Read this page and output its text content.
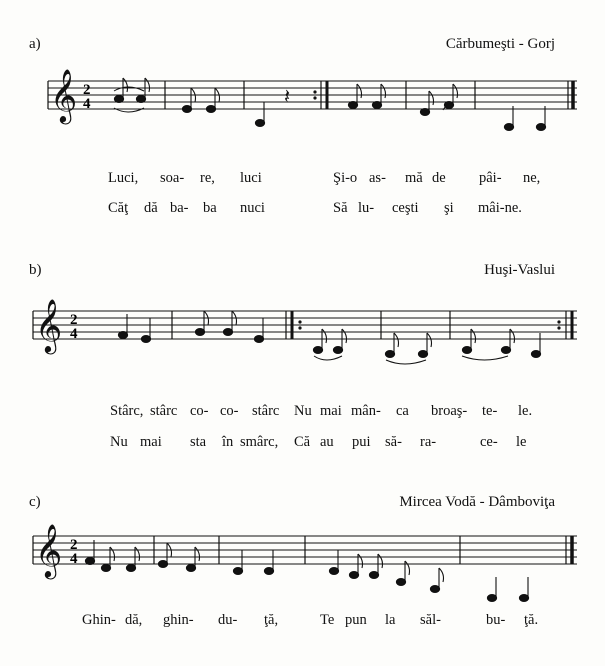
a)	Cărbumeşti - Gorj
𝄞	𝄽
2
4
Luci, soa- re, luci	Şi-o as- mă de pâi- ne,
Căţ dă ba- ba nuci	Să lu- ceşti şi mâi-ne.
b)	Huşi-Vaslui
𝄞 2
4
Stârc, stârc co- co- stârc Nu mai mân- ca broaş- te- le.
Nu mai sta în smârc, Că au pui să- ra-	ce- le
c)	Mircea Vodă - Dâmboviţa
𝄞 2
4
Ghin- dă, ghin- du- ţă,	Te pun la săl-	bu- ţă.
